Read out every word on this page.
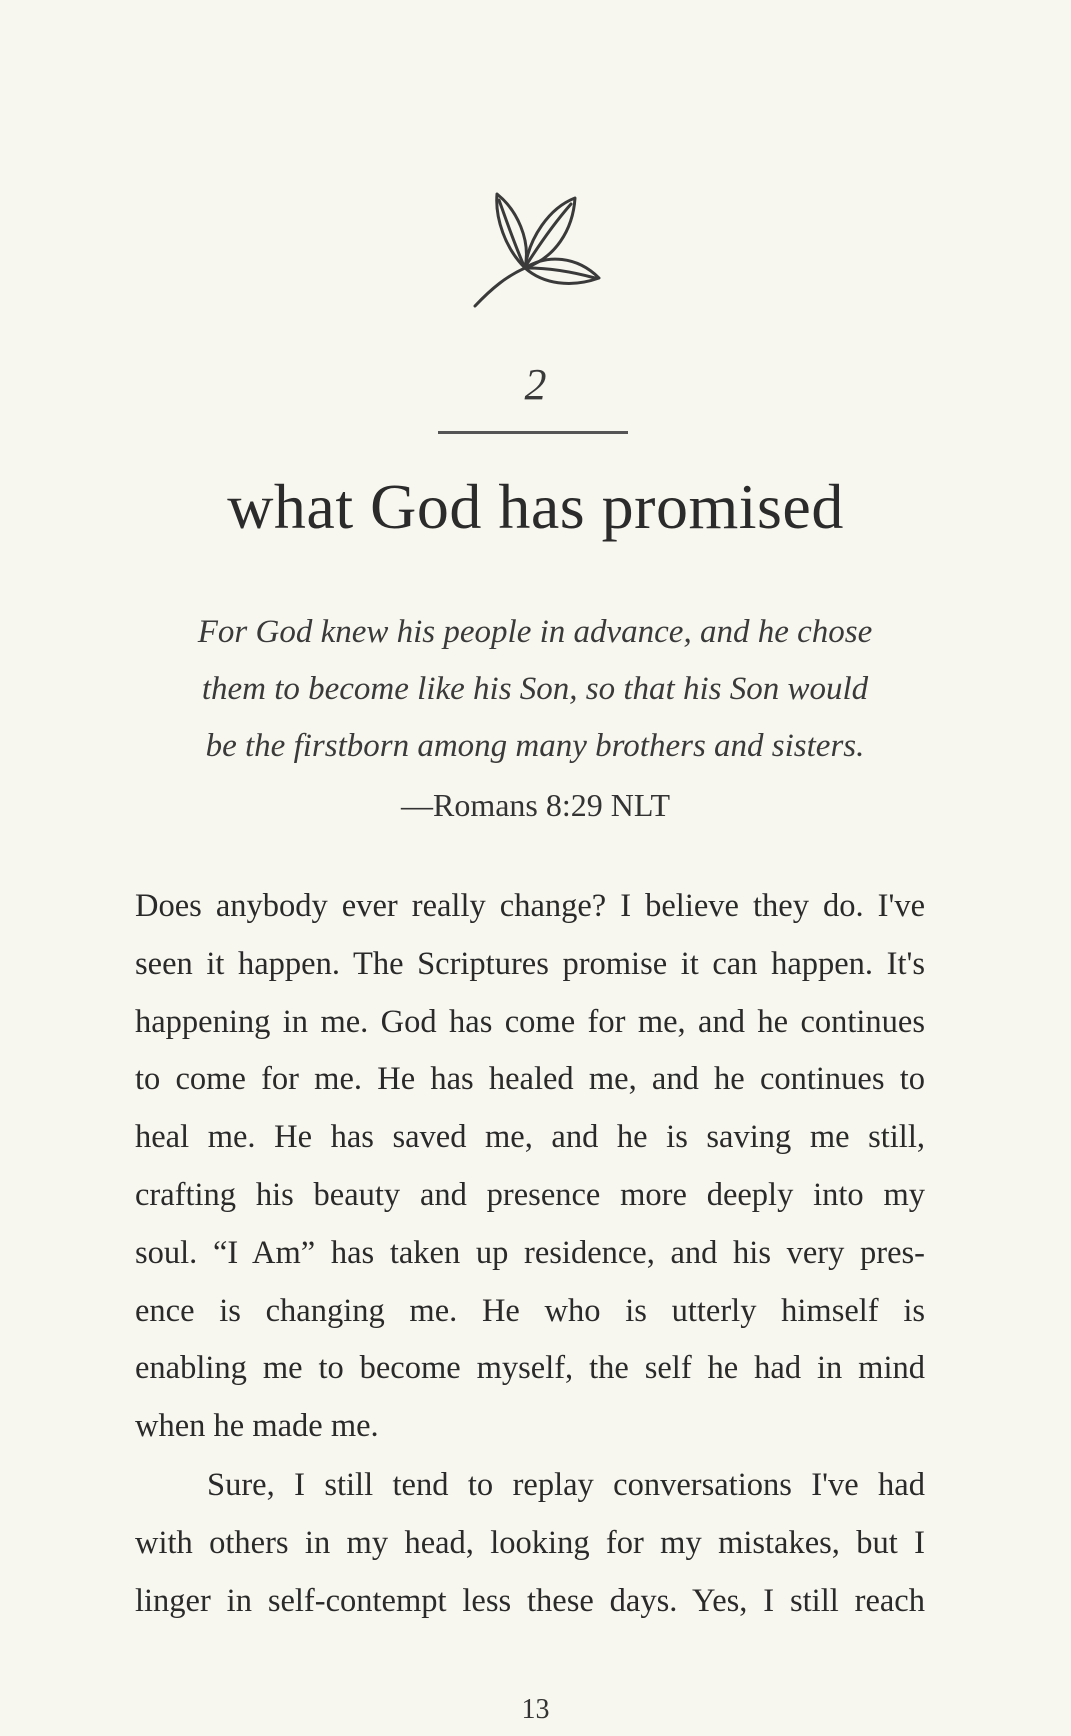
2
what God has promised
For God knew his people in advance, and he chose
them to become like his Son, so that his Son would
be the firstborn among many brothers and sisters.
—Romans 8:29 NLT
Does anybody ever really change? I believe they do. I've
seen it happen. The Scriptures promise it can happen. It's
happening in me. God has come for me, and he continues
to come for me. He has healed me, and he continues to
heal me. He has saved me, and he is saving me still,
crafting his beauty and presence more deeply into my
soul. “I Am” has taken up residence, and his very pres-
ence is changing me. He who is utterly himself is
enabling me to become myself, the self he had in mind
when he made me.
Sure, I still tend to replay conversations I've had
with others in my head, looking for my mistakes, but I
linger in self-contempt less these days. Yes, I still reach
13
